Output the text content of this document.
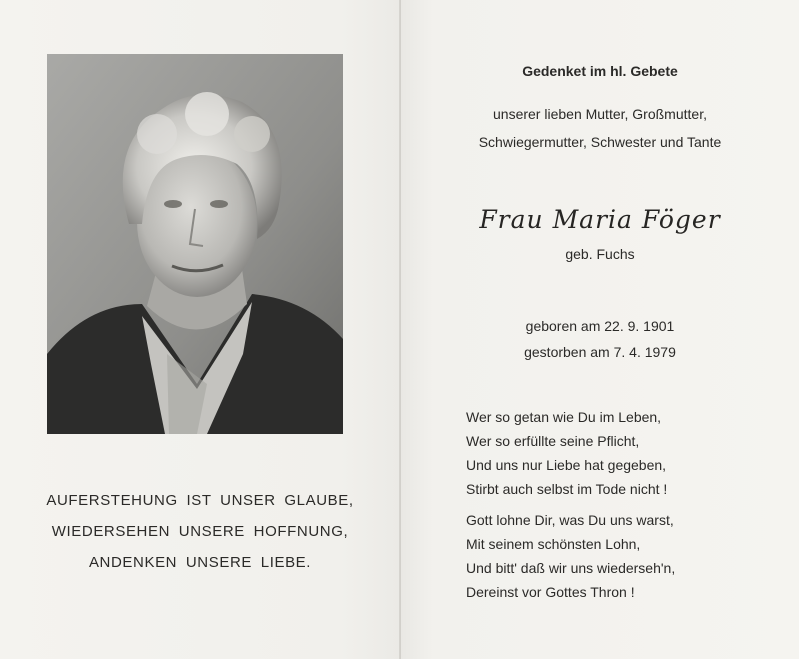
AUFERSTEHUNG IST UNSER GLAUBE,
WIEDERSEHEN UNSERE HOFFNUNG,
ANDENKEN UNSERE LIEBE.
Gedenket im hl. Gebete
unserer lieben Mutter, Großmutter,
Schwiegermutter, Schwester und Tante
Frau Maria Föger
geb. Fuchs
geboren am 22. 9. 1901
gestorben am 7. 4. 1979
Wer so getan wie Du im Leben,
Wer so erfüllte seine Pflicht,
Und uns nur Liebe hat gegeben,
Stirbt auch selbst im Tode nicht !
Gott lohne Dir, was Du uns warst,
Mit seinem schönsten Lohn,
Und bitt' daß wir uns wiederseh'n,
Dereinst vor Gottes Thron !
